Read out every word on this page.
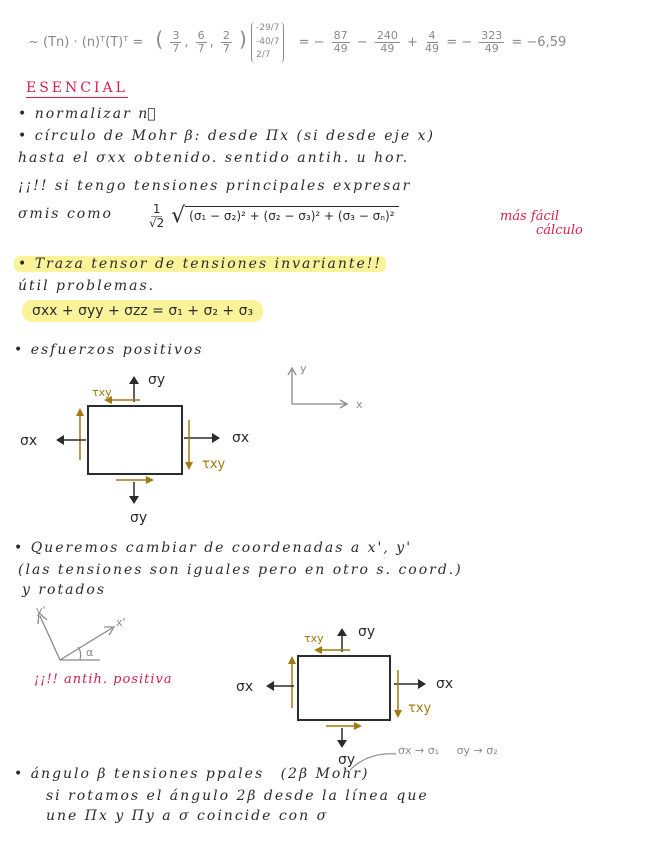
~ (Tn) · (n)ᵀ(T)ᵀ = ( $\frac{3}{7}$ , $\frac{6}{7}$ , $\frac{2}{7}$ ) -29/7
-40/7
2/7
= − $\frac{87}{49} - \frac{240}{49} + \frac{4}{49}$ = − $\frac{323}{49} = -6,59$
ESENCIAL
• normalizar n⃗
• círculo de Mohr β: desde Πx (si desde eje x)
hasta el σxx obtenido. sentido antih. u hor.
¡¡!! si tengo tensiones principales expresar
σmis como	$\frac{1}{√2}$ √ (σ₁ − σ₂)² + (σ₂ − σ₃)² + (σ₃ − σₙ)²	más fácil
cálculo
• Traza tensor de tensiones invariante!!
útil problemas.
σxx + σyy + σzz = σ₁ + σ₂ + σ₃
• esfuerzos positivos
σy
τxy
σx	σx
τxy
σy
y
x
• Queremos cambiar de coordenadas a x', y'
(las tensiones son iguales pero en otro s. coord.)
y rotados
y'
x'
α
¡¡!! antih. positiva
σy
τxy
σx	σx
τxy
σy
σx → σ₁ σy → σ₂
• ángulo β tensiones ppales (2β Mohr)
si rotamos el ángulo 2β desde la línea que
une Πx y Πy a σ coincide con σ
